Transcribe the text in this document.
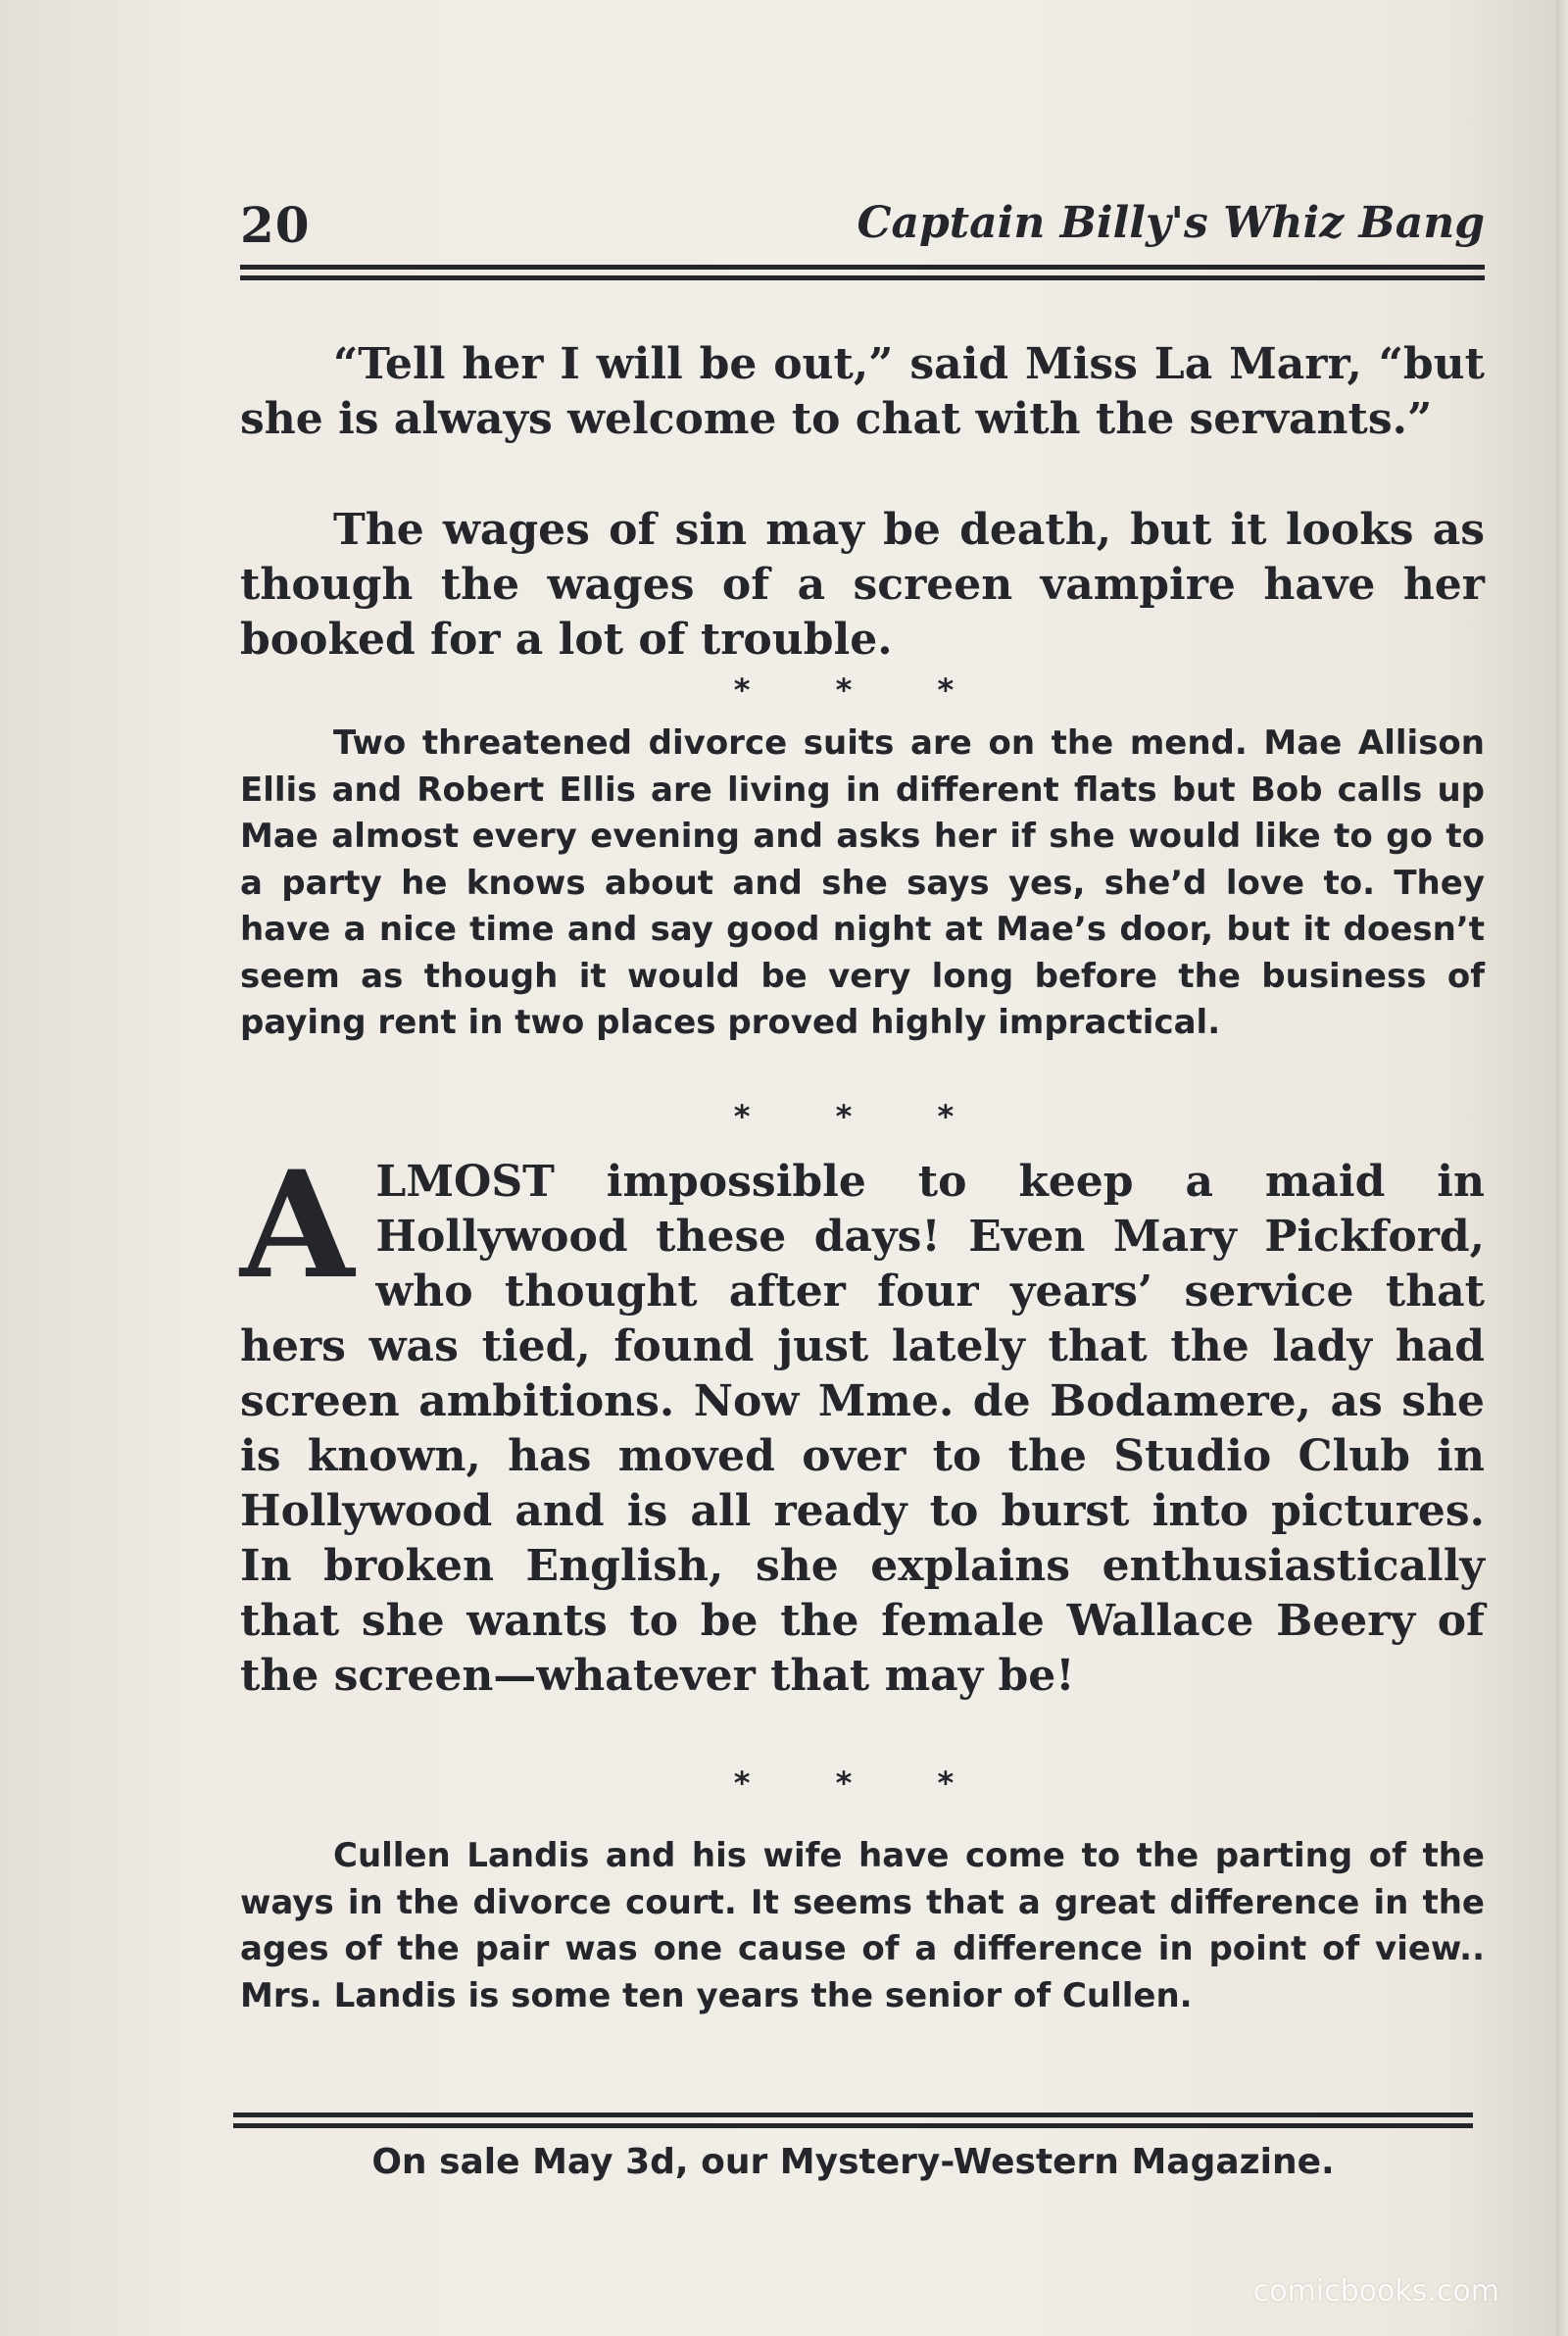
20	Captain Billy's Whiz Bang

“Tell her I will be out,” said Miss La Marr, “but she is always welcome to chat with the servants.”

The wages of sin may be death, but it looks as though the wages of a screen vampire have her booked for a lot of trouble.

* * *

Two threatened divorce suits are on the mend. Mae Allison Ellis and Robert Ellis are living in different flats but Bob calls up Mae almost every evening and asks her if she would like to go to a party he knows about and she says yes, she’d love to. They have a nice time and say good night at Mae’s door, but it doesn’t seem as though it would be very long before the business of paying rent in two places proved highly impractical.

* * *
A LMOST impossible to keep a maid in Hollywood these days! Even Mary Pickford, who thought after four years’ service that hers was tied, found just lately that the lady had screen ambitions. Now Mme. de Bodamere, as she is known, has moved over to the Studio Club in Hollywood and is all ready to burst into pictures. In broken English, she explains enthusiastically that she wants to be the female Wallace Beery of the screen—whatever that may be!
* * *

Cullen Landis and his wife have come to the parting of the ways in the divorce court. It seems that a great difference in the ages of the pair was one cause of a difference in point of view.. Mrs. Landis is some ten years the senior of Cullen.

On sale May 3d, our Mystery-Western Magazine.
comicbooks.com
